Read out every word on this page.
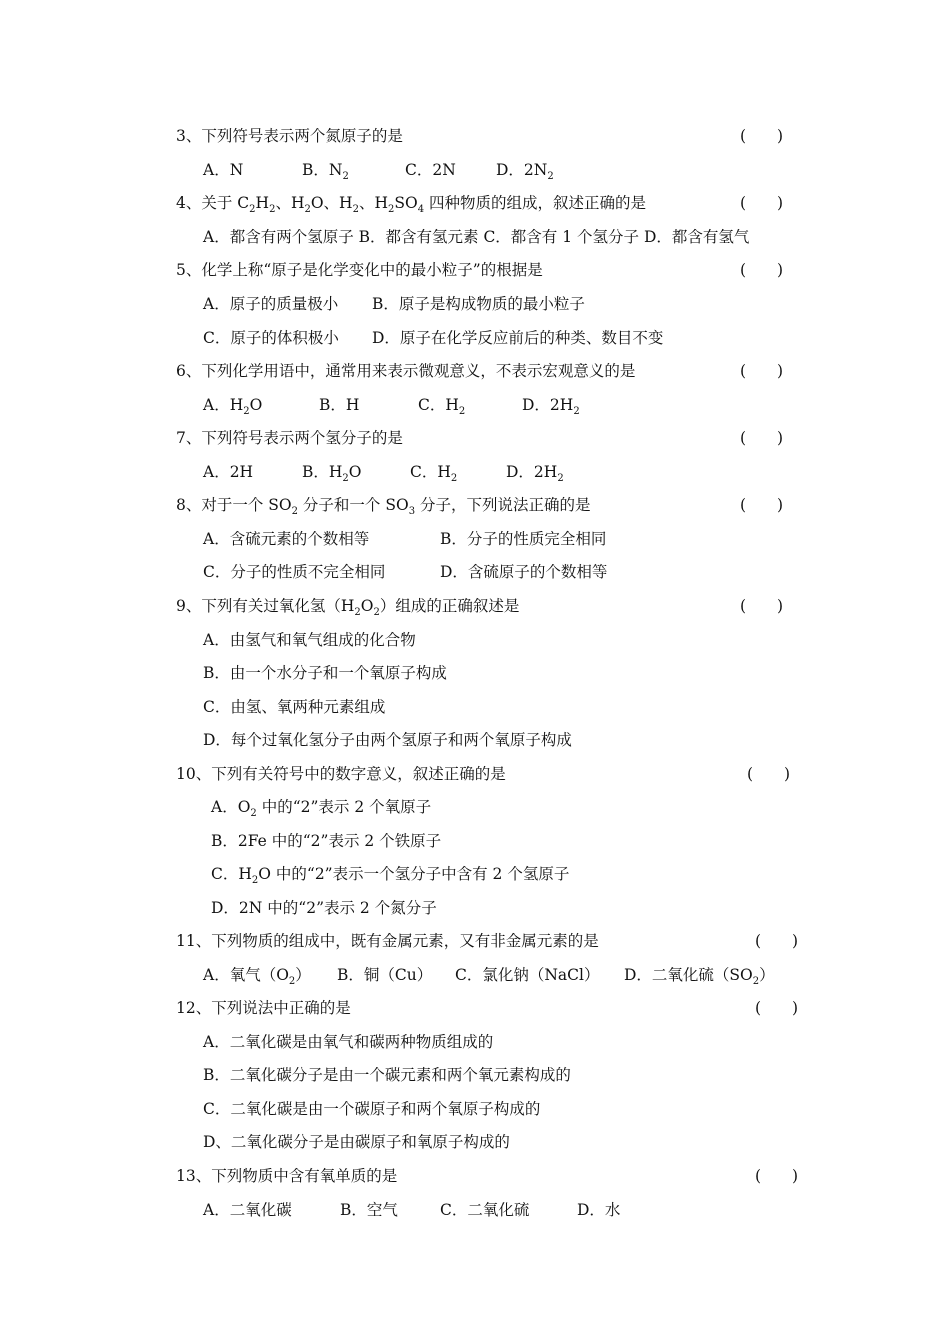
3、下列符号表示两个氮原子的是	(　　)
A．N	B．$N_2$	C．2N	D．$2N_2$
4、关于 $C_2H_2$、$H_2O$、$H_2$、$H_2SO_4$ 四种物质的组成，叙述正确的是	(　　)
A．都含有两个氢原子 B．都含有氢元素 C．都含有 1 个氢分子 D．都含有氢气
5、化学上称“原子是化学变化中的最小粒子”的根据是	(　　)
A．原子的质量极小 B．原子是构成物质的最小粒子
C．原子的体积极小 D．原子在化学反应前后的种类、数目不变
6、下列化学用语中，通常用来表示微观意义，不表示宏观意义的是	(　　)
A．$H_2O$	B．H	C．$H_2$	D．$2H_2$
7、下列符号表示两个氢分子的是	(　　)
A．2H	B．$H_2O$	C．$H_2$	D．$2H_2$
8、对于一个 $SO_2$ 分子和一个 $SO_3$ 分子，下列说法正确的是	(　　)
A．含硫元素的个数相等	B．分子的性质完全相同
C．分子的性质不完全相同	D．含硫原子的个数相等
9、下列有关过氧化氢$(H_2O_2)$组成的正确叙述是	(　　)
A．由氢气和氧气组成的化合物
B．由一个水分子和一个氧原子构成
C．由氢、氧两种元素组成
D．每个过氧化氢分子由两个氢原子和两个氧原子构成
10、下列有关符号中的数字意义，叙述正确的是	(　　)
A．$O_2$ 中的“2”表示 2 个氧原子
B．2Fe 中的“2”表示 2 个铁原子
C．$H_2O$ 中的“2”表示一个氢分子中含有 2 个氢原子
D．2N 中的“2”表示 2 个氮分子
11、下列物质的组成中，既有金属元素，又有非金属元素的是	(　　)
A．氧气$(O_2)$ B．铜（Cu） C．氯化钠（NaCl） D．二氧化硫$(SO_2)$
12、下列说法中正确的是	(　　)
A．二氧化碳是由氧气和碳两种物质组成的
B．二氧化碳分子是由一个碳元素和两个氧元素构成的
C．二氧化碳是由一个碳原子和两个氧原子构成的
D、二氧化碳分子是由碳原子和氧原子构成的
13、下列物质中含有氧单质的是	(　　)
A．二氧化碳	B．空气	C．二氧化硫	D．水
